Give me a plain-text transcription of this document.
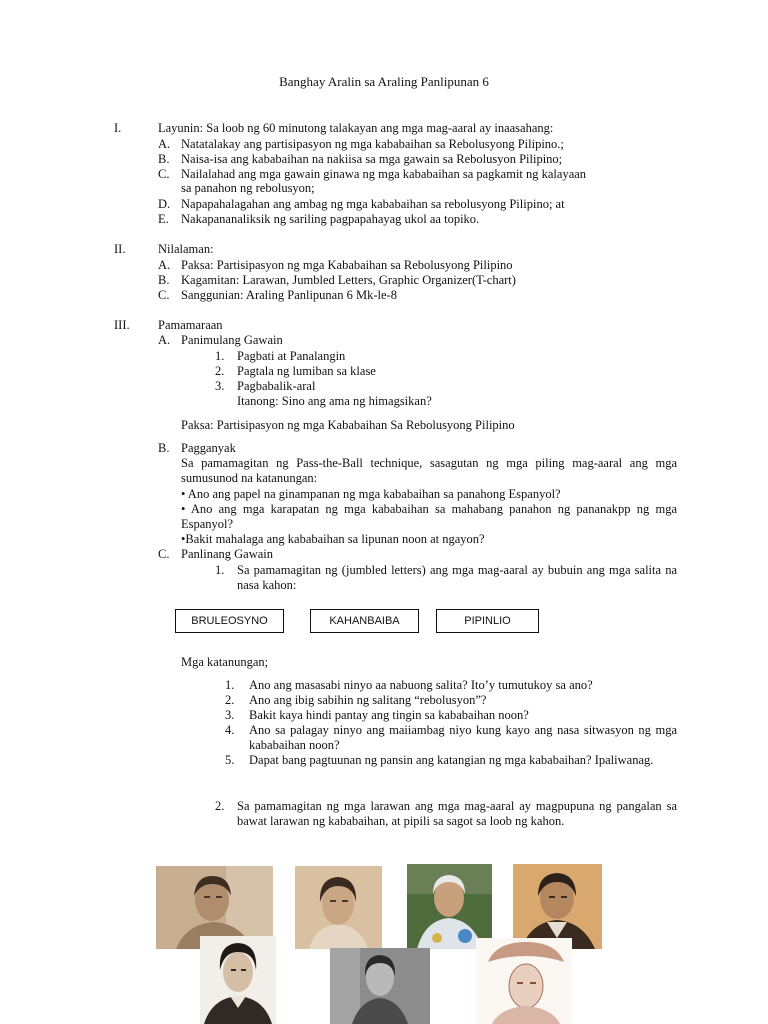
Banghay Aralin sa Araling Panlipunan 6
I.	Layunin: Sa loob ng 60 minutong talakayan ang mga mag-aaral ay inaasahang:
A. Natatalakay ang partisipasyon ng mga kababaihan sa Rebolusyong Pilipino.;
B. Naisa-isa ang kababaihan na nakiisa sa mga gawain sa Rebolusyon Pilipino;
C. Nailalahad ang mga gawain ginawa ng mga kababaihan sa pagkamit ng kalayaan
sa panahon ng rebolusyon;
D. Napapahalagahan ang ambag ng mga kababaihan sa rebolusyong Pilipino; at
E. Nakapananaliksik ng sariling pagpapahayag ukol aa topiko.
II.	Nilalaman:
A. Paksa: Partisipasyon ng mga Kababaihan sa Rebolusyong Pilipino
B. Kagamitan: Larawan, Jumbled Letters, Graphic Organizer(T-chart)
C. Sanggunian: Araling Panlipunan 6 Mk-le-8
III. Pamamaraan
A. Panimulang Gawain
1. Pagbati at Panalangin
2. Pagtala ng lumiban sa klase
3. Pagbabalik-aral
Itanong: Sino ang ama ng himagsikan?
Paksa: Partisipasyon ng mga Kababaihan Sa Rebolusyong Pilipino
B. Pagganyak
Sa pamamagitan ng Pass-the-Ball technique, sasagutan ng mga piling mag-aaral ang mga sumusunod na katanungan:
• Ano ang papel na ginampanan ng mga kababaihan sa panahong Espanyol?
• Ano ang mga karapatan ng mga kababaihan sa mahabang panahon ng pananakpp ng mga Espanyol?
•Bakit mahalaga ang kababaihan sa lipunan noon at ngayon?
C. Panlinang Gawain
1. Sa pamamagitan ng (jumbled letters) ang mga mag-aaral ay bubuin ang mga salita na nasa kahon:
BRULEOSYNO	KAHANBAIBA	PIPINLIO
Mga katanungan;
1. Ano ang masasabi ninyo aa nabuong salita? Ito’y tumutukoy sa ano?
2. Ano ang ibig sabihin ng salitang “rebolusyon”?
3. Bakit kaya hindi pantay ang tingin sa kababaihan noon?
4. Ano sa palagay ninyo ang maiiambag niyo kung kayo ang nasa sitwasyon ng mga kababaihan noon?
5. Dapat bang pagtuunan ng pansin ang katangian ng mga kababaihan? Ipaliwanag.
2. Sa pamamagitan ng mga larawan ang mga mag-aaral ay magpupuna ng pangalan sa bawat larawan ng kababaihan, at pipili sa sagot sa loob ng kahon.
